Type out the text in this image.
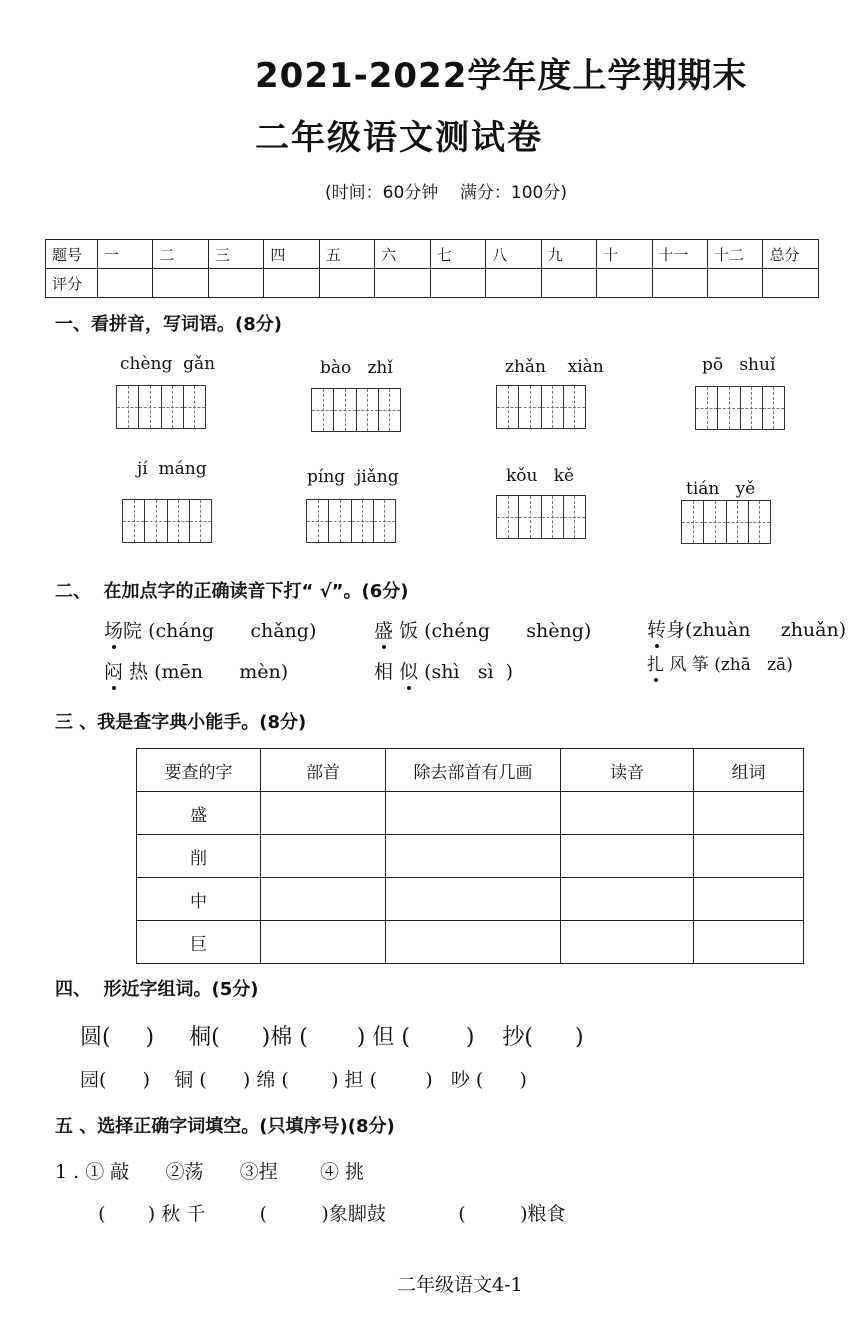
2021-2022学年度上学期期末
二年级语文测试卷
(时间：60分钟    满分：100分)
题号	一	二	三	四	五	六	七	八	九	十	十一	十二	总分
评分													
一、看拼音，写词语。(8分)
chèng  gǎn	bào   zhǐ	zhǎn    xiàn	pō   shuǐ
jí  máng	píng  jiǎng	kǒu   kě
tián   yě
二、  在加点字的正确读音下打“ √”。(6分)
场院 (cháng      chǎng)	盛 饭 (chéng      shèng)	转身(zhuàn     zhuǎn)
闷 热 (mēn      mèn)	相 似 (shì   sì  )	扎 风 筝 (zhā   zā)
三 、我是查字典小能手。(8分)
要查的字	部首	除去部首有几画	读音	组词
盛				
削				
中				
巨				
四、  形近字组词。(5分)
圆(     )     桐(      )棉 (       ) 但 (        )    抄(      )
园(      )    铜 (      ) 绵 (       ) 担 (        )   吵 (      )
五 、选择正确字词填空。(只填序号)(8分)
1 . ① 敲      ②荡      ③捏       ④ 挑
(       ) 秋 千         (         )象脚鼓            (         )粮食
二年级语文4-1
